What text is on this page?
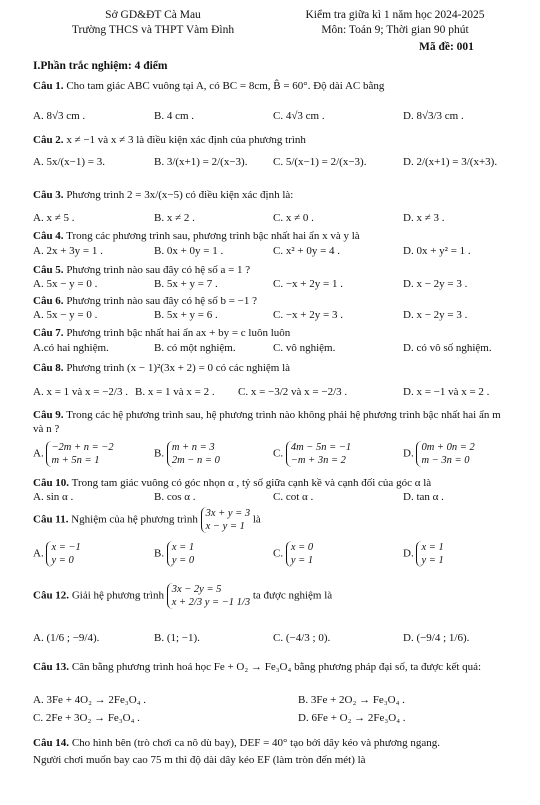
Sở GD&ĐT Cà Mau
Trường THCS và THPT Vàm Đình
Kiểm tra giữa kì 1 năm học 2024-2025
Môn: Toán 9; Thời gian 90 phút
Mã đề: 001
I.Phần trắc nghiệm: 4 điểm
Câu 1. Cho tam giác ABC vuông tại A, có BC = 8cm, B̂ = 60°. Độ dài AC bằng
A. 8√3 cm .	B. 4 cm .	C. 4√3 cm .	D. 8√3/3 cm .
Câu 2. x ≠ −1 và x ≠ 3 là điều kiện xác định của phương trình
A. 5x/(x−1) = 3.	B. 3/(x+1) = 2/(x−3). C. 5/(x−1) = 2/(x−3).	D. 2/(x+1) = 3/(x+3).
Câu 3. Phương trình 2 = 3x/(x−5) có điều kiện xác định là:
A. x ≠ 5 .	B. x ≠ 2 .	C. x ≠ 0 .	D. x ≠ 3 .
Câu 4. Trong các phương trình sau, phương trình bậc nhất hai ẩn x và y là
A. 2x + 3y = 1 .	B. 0x + 0y = 1 .	C. x² + 0y = 4 .	D. 0x + y² = 1 .
Câu 5. Phương trình nào sau đây có hệ số a = 1 ?
A. 5x − y = 0 .	B. 5x + y = 7 .	C. −x + 2y = 1 .	D. x − 2y = 3 .
Câu 6. Phương trình nào sau đây có hệ số b = −1 ?
A. 5x − y = 0 .	B. 5x + y = 6 .	C. −x + 2y = 3 .	D. x − 2y = 3 .
Câu 7. Phương trình bậc nhất hai ẩn ax + by = c luôn luôn
A.có hai nghiệm.	B. có một nghiệm.	C. vô nghiệm.	D. có vô số nghiệm.
Câu 8. Phương trình (x − 1)²(3x + 2) = 0 có các nghiệm là
A. x = 1 và x = −2/3 . B. x = 1 và x = 2 . C. x = −3/2 và x = −2/3 .	D. x = −1 và x = 2 .
Câu 9. Trong các hệ phương trình sau, hệ phương trình nào không phải hệ phương trình bậc nhất hai ẩn m và n ?
A.
−2m + n = −2
m + 5n = 1
B.
m + n = 3
2m − n = 0
C.
4m − 5n = −1
−m + 3n = 2
D.
0m + 0n = 2
m − 3n = 0
Câu 10. Trong tam giác vuông có góc nhọn α , tỷ số giữa cạnh kề và cạnh đối của góc α là
A. sin α .	B. cos α .	C. cot α .	D. tan α .
Câu 11. Nghiệm của hệ phương trình
3x + y = 3
x − y = 1
là
A.
x = −1
y = 0
B.
x = 1
y = 0
C.
x = 0
y = 1
D.
x = 1
y = 1
Câu 12. Giải hệ phương trình
3x − 2y = 5
x + 2/3 y = −1 1/3
ta được nghiệm là
A. (1/6 ; −9/4).	B. (1; −1).	C. (−4/3 ; 0).	D. (−9/4 ; 1/6).
Câu 13. Cân bằng phương trình hoá học Fe + O₂ → Fe₃O₄ bằng phương pháp đại số, ta được kết quả:
A. 3Fe + 4O₂ → 2Fe₃O₄ .	B. 3Fe + 2O₂ → Fe₃O₄ .
C. 2Fe + 3O₂ → Fe₃O₄ .	D. 6Fe + O₂ → 2Fe₃O₄ .
Câu 14. Cho hình bên (trò chơi ca nô dù bay), DEF = 40° tạo bởi dây kéo và phương ngang.
Người chơi muốn bay cao 75 m thì độ dài dây kéo EF (làm tròn đến mét) là
